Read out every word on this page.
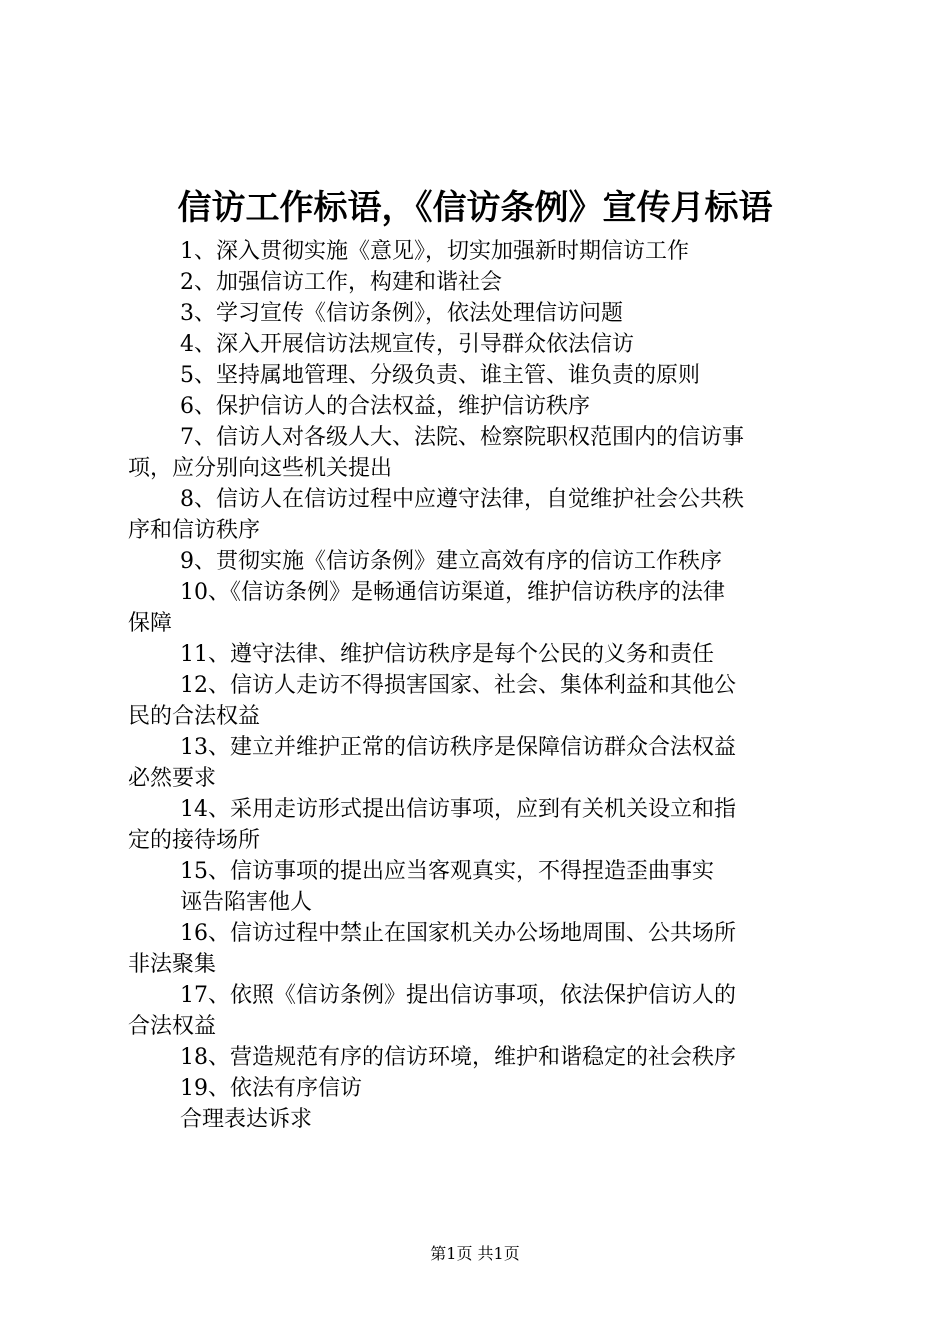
信访工作标语，《信访条例》宣传月标语
1、深入贯彻实施《意见》，切实加强新时期信访工作
2、加强信访工作，构建和谐社会
3、学习宣传《信访条例》，依法处理信访问题
4、深入开展信访法规宣传，引导群众依法信访
5、坚持属地管理、分级负责、谁主管、谁负责的原则
6、保护信访人的合法权益，维护信访秩序
7、信访人对各级人大、法院、检察院职权范围内的信访事
项，应分别向这些机关提出
8、信访人在信访过程中应遵守法律，自觉维护社会公共秩
序和信访秩序
9、贯彻实施《信访条例》建立高效有序的信访工作秩序
10、《信访条例》是畅通信访渠道，维护信访秩序的法律
保障
11、遵守法律、维护信访秩序是每个公民的义务和责任
12、信访人走访不得损害国家、社会、集体利益和其他公
民的合法权益
13、建立并维护正常的信访秩序是保障信访群众合法权益
必然要求
14、采用走访形式提出信访事项，应到有关机关设立和指
定的接待场所
15、信访事项的提出应当客观真实，不得捏造歪曲事实
诬告陷害他人
16、信访过程中禁止在国家机关办公场地周围、公共场所
非法聚集
17、依照《信访条例》提出信访事项，依法保护信访人的
合法权益
18、营造规范有序的信访环境，维护和谐稳定的社会秩序
19、依法有序信访
合理表达诉求
第1页 共1页
